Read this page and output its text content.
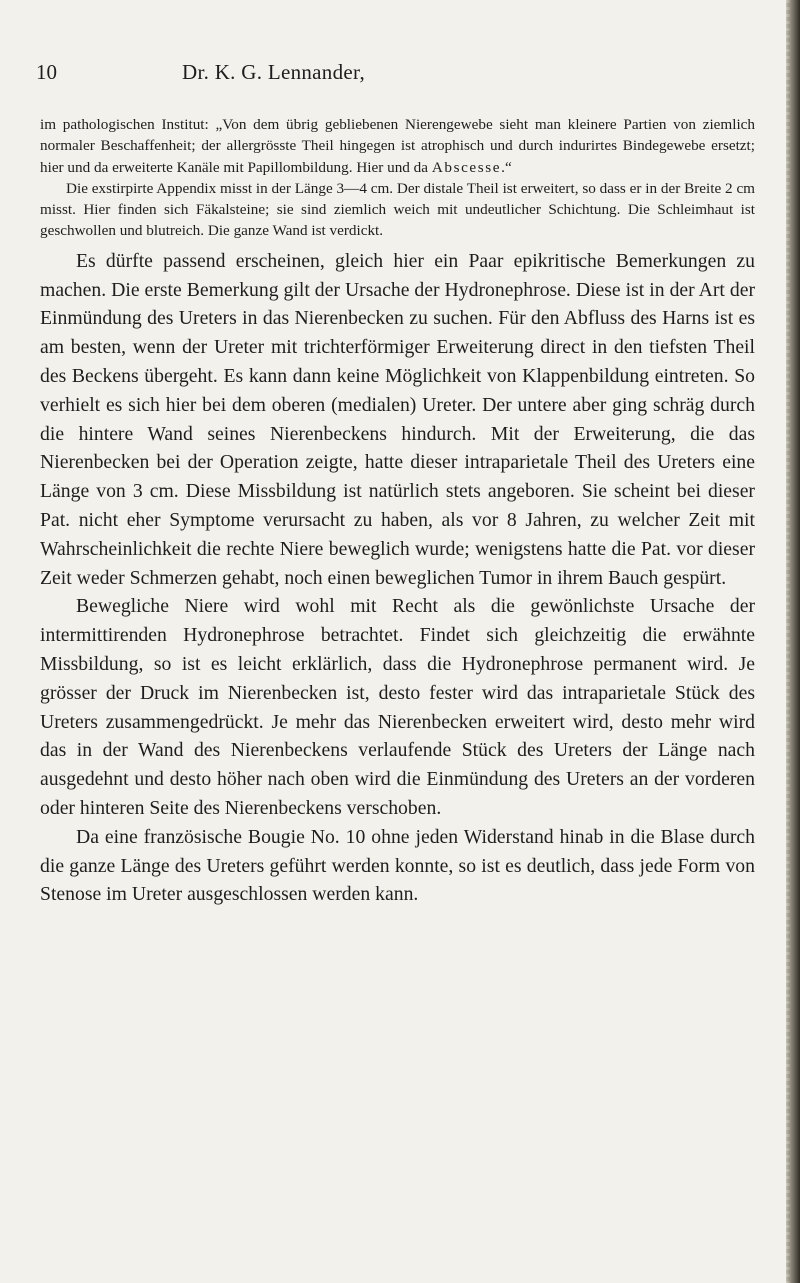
10	Dr. K. G. Lennander,

im pathologischen Institut: „Von dem übrig gebliebenen Nierengewebe sieht man kleinere Partien von ziemlich normaler Beschaffenheit; der allergrösste Theil hingegen ist atrophisch und durch indurirtes Bindegewebe ersetzt; hier und da erweiterte Kanäle mit Papillombildung. Hier und da Abscesse.“

Die exstirpirte Appendix misst in der Länge 3—4 cm. Der distale Theil ist erweitert, so dass er in der Breite 2 cm misst. Hier finden sich Fäkalsteine; sie sind ziemlich weich mit undeutlicher Schichtung. Die Schleimhaut ist geschwollen und blutreich. Die ganze Wand ist verdickt.

Es dürfte passend erscheinen, gleich hier ein Paar epikritische Bemerkungen zu machen. Die erste Bemerkung gilt der Ursache der Hydronephrose. Diese ist in der Art der Einmündung des Ureters in das Nierenbecken zu suchen. Für den Abfluss des Harns ist es am besten, wenn der Ureter mit trichterförmiger Erweiterung direct in den tiefsten Theil des Beckens übergeht. Es kann dann keine Möglichkeit von Klappenbildung eintreten. So verhielt es sich hier bei dem oberen (medialen) Ureter. Der untere aber ging schräg durch die hintere Wand seines Nierenbeckens hindurch. Mit der Erweiterung, die das Nierenbecken bei der Operation zeigte, hatte dieser intraparietale Theil des Ureters eine Länge von 3 cm. Diese Missbildung ist natürlich stets angeboren. Sie scheint bei dieser Pat. nicht eher Symptome verursacht zu haben, als vor 8 Jahren, zu welcher Zeit mit Wahrscheinlichkeit die rechte Niere beweglich wurde; wenigstens hatte die Pat. vor dieser Zeit weder Schmerzen gehabt, noch einen beweglichen Tumor in ihrem Bauch gespürt.

Bewegliche Niere wird wohl mit Recht als die gewönlichste Ursache der intermittirenden Hydronephrose betrachtet. Findet sich gleichzeitig die erwähnte Missbildung, so ist es leicht erklärlich, dass die Hydronephrose permanent wird. Je grösser der Druck im Nierenbecken ist, desto fester wird das intraparietale Stück des Ureters zusammengedrückt. Je mehr das Nierenbecken erweitert wird, desto mehr wird das in der Wand des Nierenbeckens verlaufende Stück des Ureters der Länge nach ausgedehnt und desto höher nach oben wird die Einmündung des Ureters an der vorderen oder hinteren Seite des Nierenbeckens verschoben.

Da eine französische Bougie No. 10 ohne jeden Widerstand hinab in die Blase durch die ganze Länge des Ureters geführt werden konnte, so ist es deutlich, dass jede Form von Stenose im Ureter ausgeschlossen werden kann.
